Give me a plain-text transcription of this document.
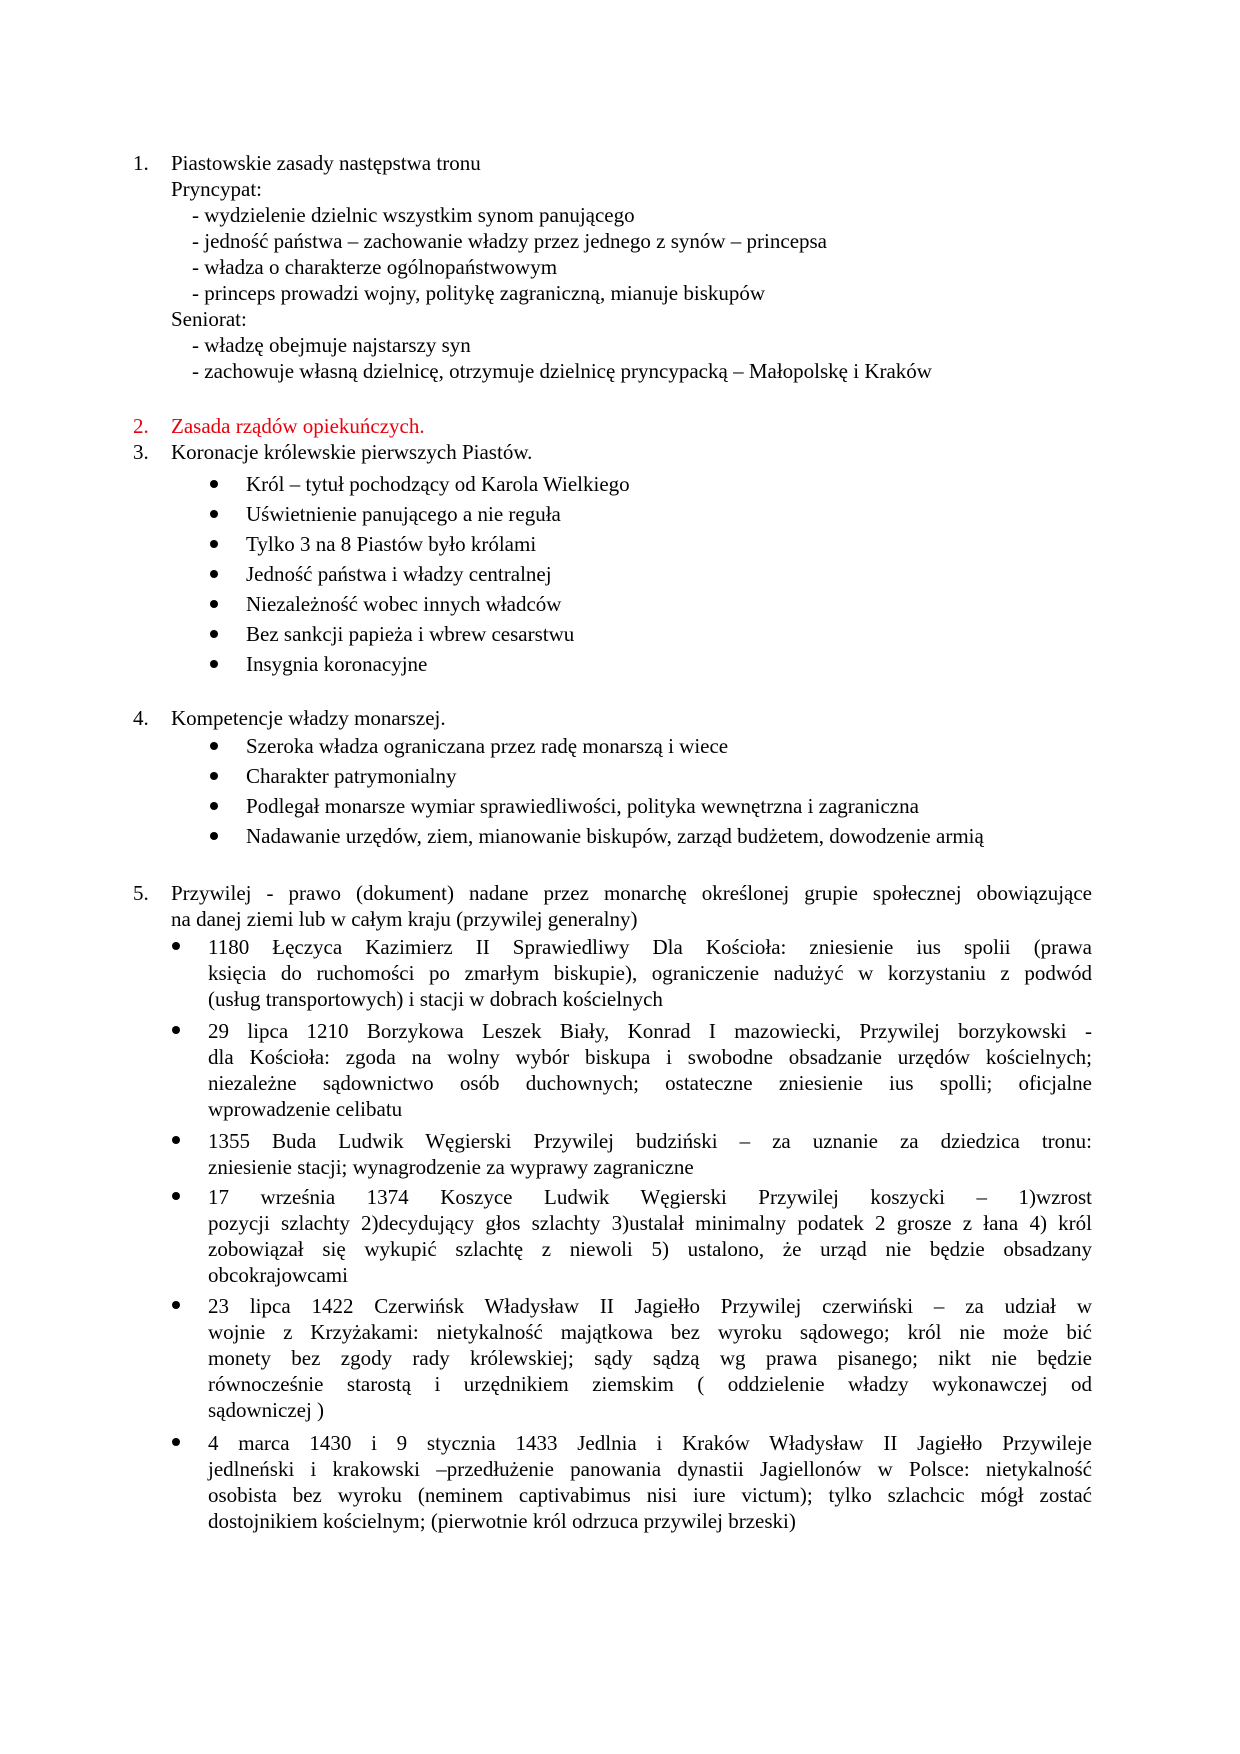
1. Piastowskie zasady następstwa tronu
Pryncypat:
- wydzielenie dzielnic wszystkim synom panującego
- jedność państwa – zachowanie władzy przez jednego z synów – princepsa
- władza o charakterze ogólnopaństwowym
- princeps prowadzi wojny, politykę zagraniczną, mianuje biskupów
Seniorat:
- władzę obejmuje najstarszy syn
- zachowuje własną dzielnicę, otrzymuje dzielnicę pryncypacką – Małopolskę i Kraków
2. Zasada rządów opiekuńczych.
3. Koronacje królewskie pierwszych Piastów.
Król – tytuł pochodzący od Karola Wielkiego
Uświetnienie panującego a nie reguła
Tylko 3 na 8 Piastów było królami
Jedność państwa i władzy centralnej
Niezależność wobec innych władców
Bez sankcji papieża i wbrew cesarstwu
Insygnia koronacyjne
4. Kompetencje władzy monarszej.
Szeroka władza ograniczana przez radę monarszą i wiece
Charakter patrymonialny
Podlegał monarsze wymiar sprawiedliwości, polityka wewnętrzna i zagraniczna
Nadawanie urzędów, ziem, mianowanie biskupów, zarząd budżetem, dowodzenie armią
5. Przywilej - prawo (dokument) nadane przez monarchę określonej grupie społecznej obowiązujące
na danej ziemi lub w całym kraju (przywilej generalny)
1180 Łęczyca Kazimierz II Sprawiedliwy Dla Kościoła: zniesienie ius spolii (prawa
księcia do ruchomości po zmarłym biskupie), ograniczenie nadużyć w korzystaniu z podwód
(usług transportowych) i stacji w dobrach kościelnych
29 lipca 1210 Borzykowa Leszek Biały, Konrad I mazowiecki, Przywilej borzykowski -
dla Kościoła: zgoda na wolny wybór biskupa i swobodne obsadzanie urzędów kościelnych;
niezależne sądownictwo osób duchownych; ostateczne zniesienie ius spolli; oficjalne
wprowadzenie celibatu
1355 Buda Ludwik Węgierski Przywilej budziński – za uznanie za dziedzica tronu:
zniesienie stacji; wynagrodzenie za wyprawy zagraniczne
17 września 1374 Koszyce Ludwik Węgierski Przywilej koszycki – 1)wzrost
pozycji szlachty 2)decydujący głos szlachty 3)ustalał minimalny podatek 2 grosze z łana 4) król
zobowiązał się wykupić szlachtę z niewoli 5) ustalono, że urząd nie będzie obsadzany
obcokrajowcami
23 lipca 1422 Czerwińsk Władysław II Jagiełło Przywilej czerwiński – za udział w
wojnie z Krzyżakami: nietykalność majątkowa bez wyroku sądowego; król nie może bić
monety bez zgody rady królewskiej; sądy sądzą wg prawa pisanego; nikt nie będzie
równocześnie starostą i urzędnikiem ziemskim ( oddzielenie władzy wykonawczej od
sądowniczej )
4 marca 1430 i 9 stycznia 1433 Jedlnia i Kraków Władysław II Jagiełło Przywileje
jedlneński i krakowski –przedłużenie panowania dynastii Jagiellonów w Polsce: nietykalność
osobista bez wyroku (neminem captivabimus nisi iure victum); tylko szlachcic mógł zostać
dostojnikiem kościelnym; (pierwotnie król odrzuca przywilej brzeski)
